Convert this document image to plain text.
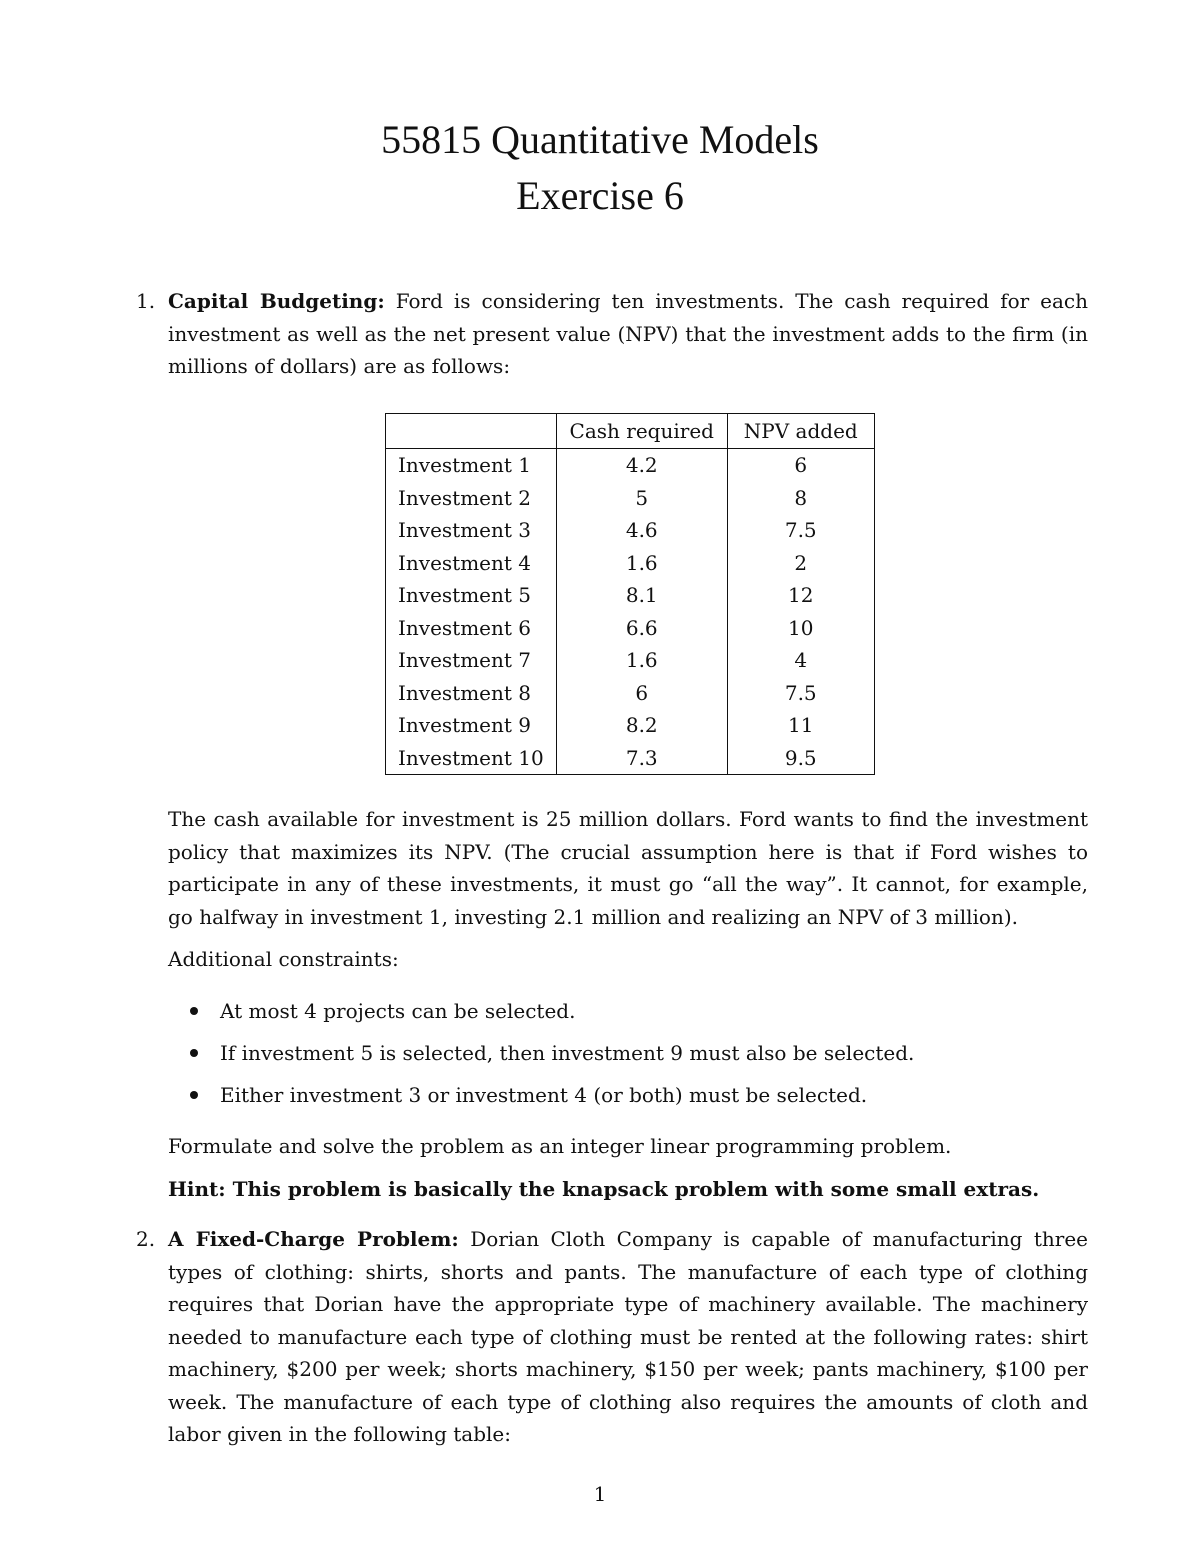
55815 Quantitative Models
Exercise 6
1. Capital Budgeting: Ford is considering ten investments. The cash required for each investment as well as the net present value (NPV) that the investment adds to the firm (in millions of dollars) are as follows:

	Cash required	NPV added
Investment 1	4.2	6
Investment 2	5	8
Investment 3	4.6	7.5
Investment 4	1.6	2
Investment 5	8.1	12
Investment 6	6.6	10
Investment 7	1.6	4
Investment 8	6	7.5
Investment 9	8.2	11
Investment 10	7.3	9.5
The cash available for investment is 25 million dollars. Ford wants to find the investment policy that maximizes its NPV. (The crucial assumption here is that if Ford wishes to participate in any of these investments, it must go “all the way”. It cannot, for example, go halfway in investment 1, investing 2.1 million and realizing an NPV of 3 million).
Additional constraints:
At most 4 projects can be selected.
If investment 5 is selected, then investment 9 must also be selected.
Either investment 3 or investment 4 (or both) must be selected.
Formulate and solve the problem as an integer linear programming problem.
Hint: This problem is basically the knapsack problem with some small extras.
2. A Fixed-Charge Problem: Dorian Cloth Company is capable of manufacturing three types of clothing: shirts, shorts and pants. The manufacture of each type of clothing requires that Dorian have the appropriate type of machinery available. The machinery needed to manufacture each type of clothing must be rented at the following rates: shirt machinery, $200 per week; shorts machinery, $150 per week; pants machinery, $100 per week. The manufacture of each type of clothing also requires the amounts of cloth and labor given in the following table:

1
